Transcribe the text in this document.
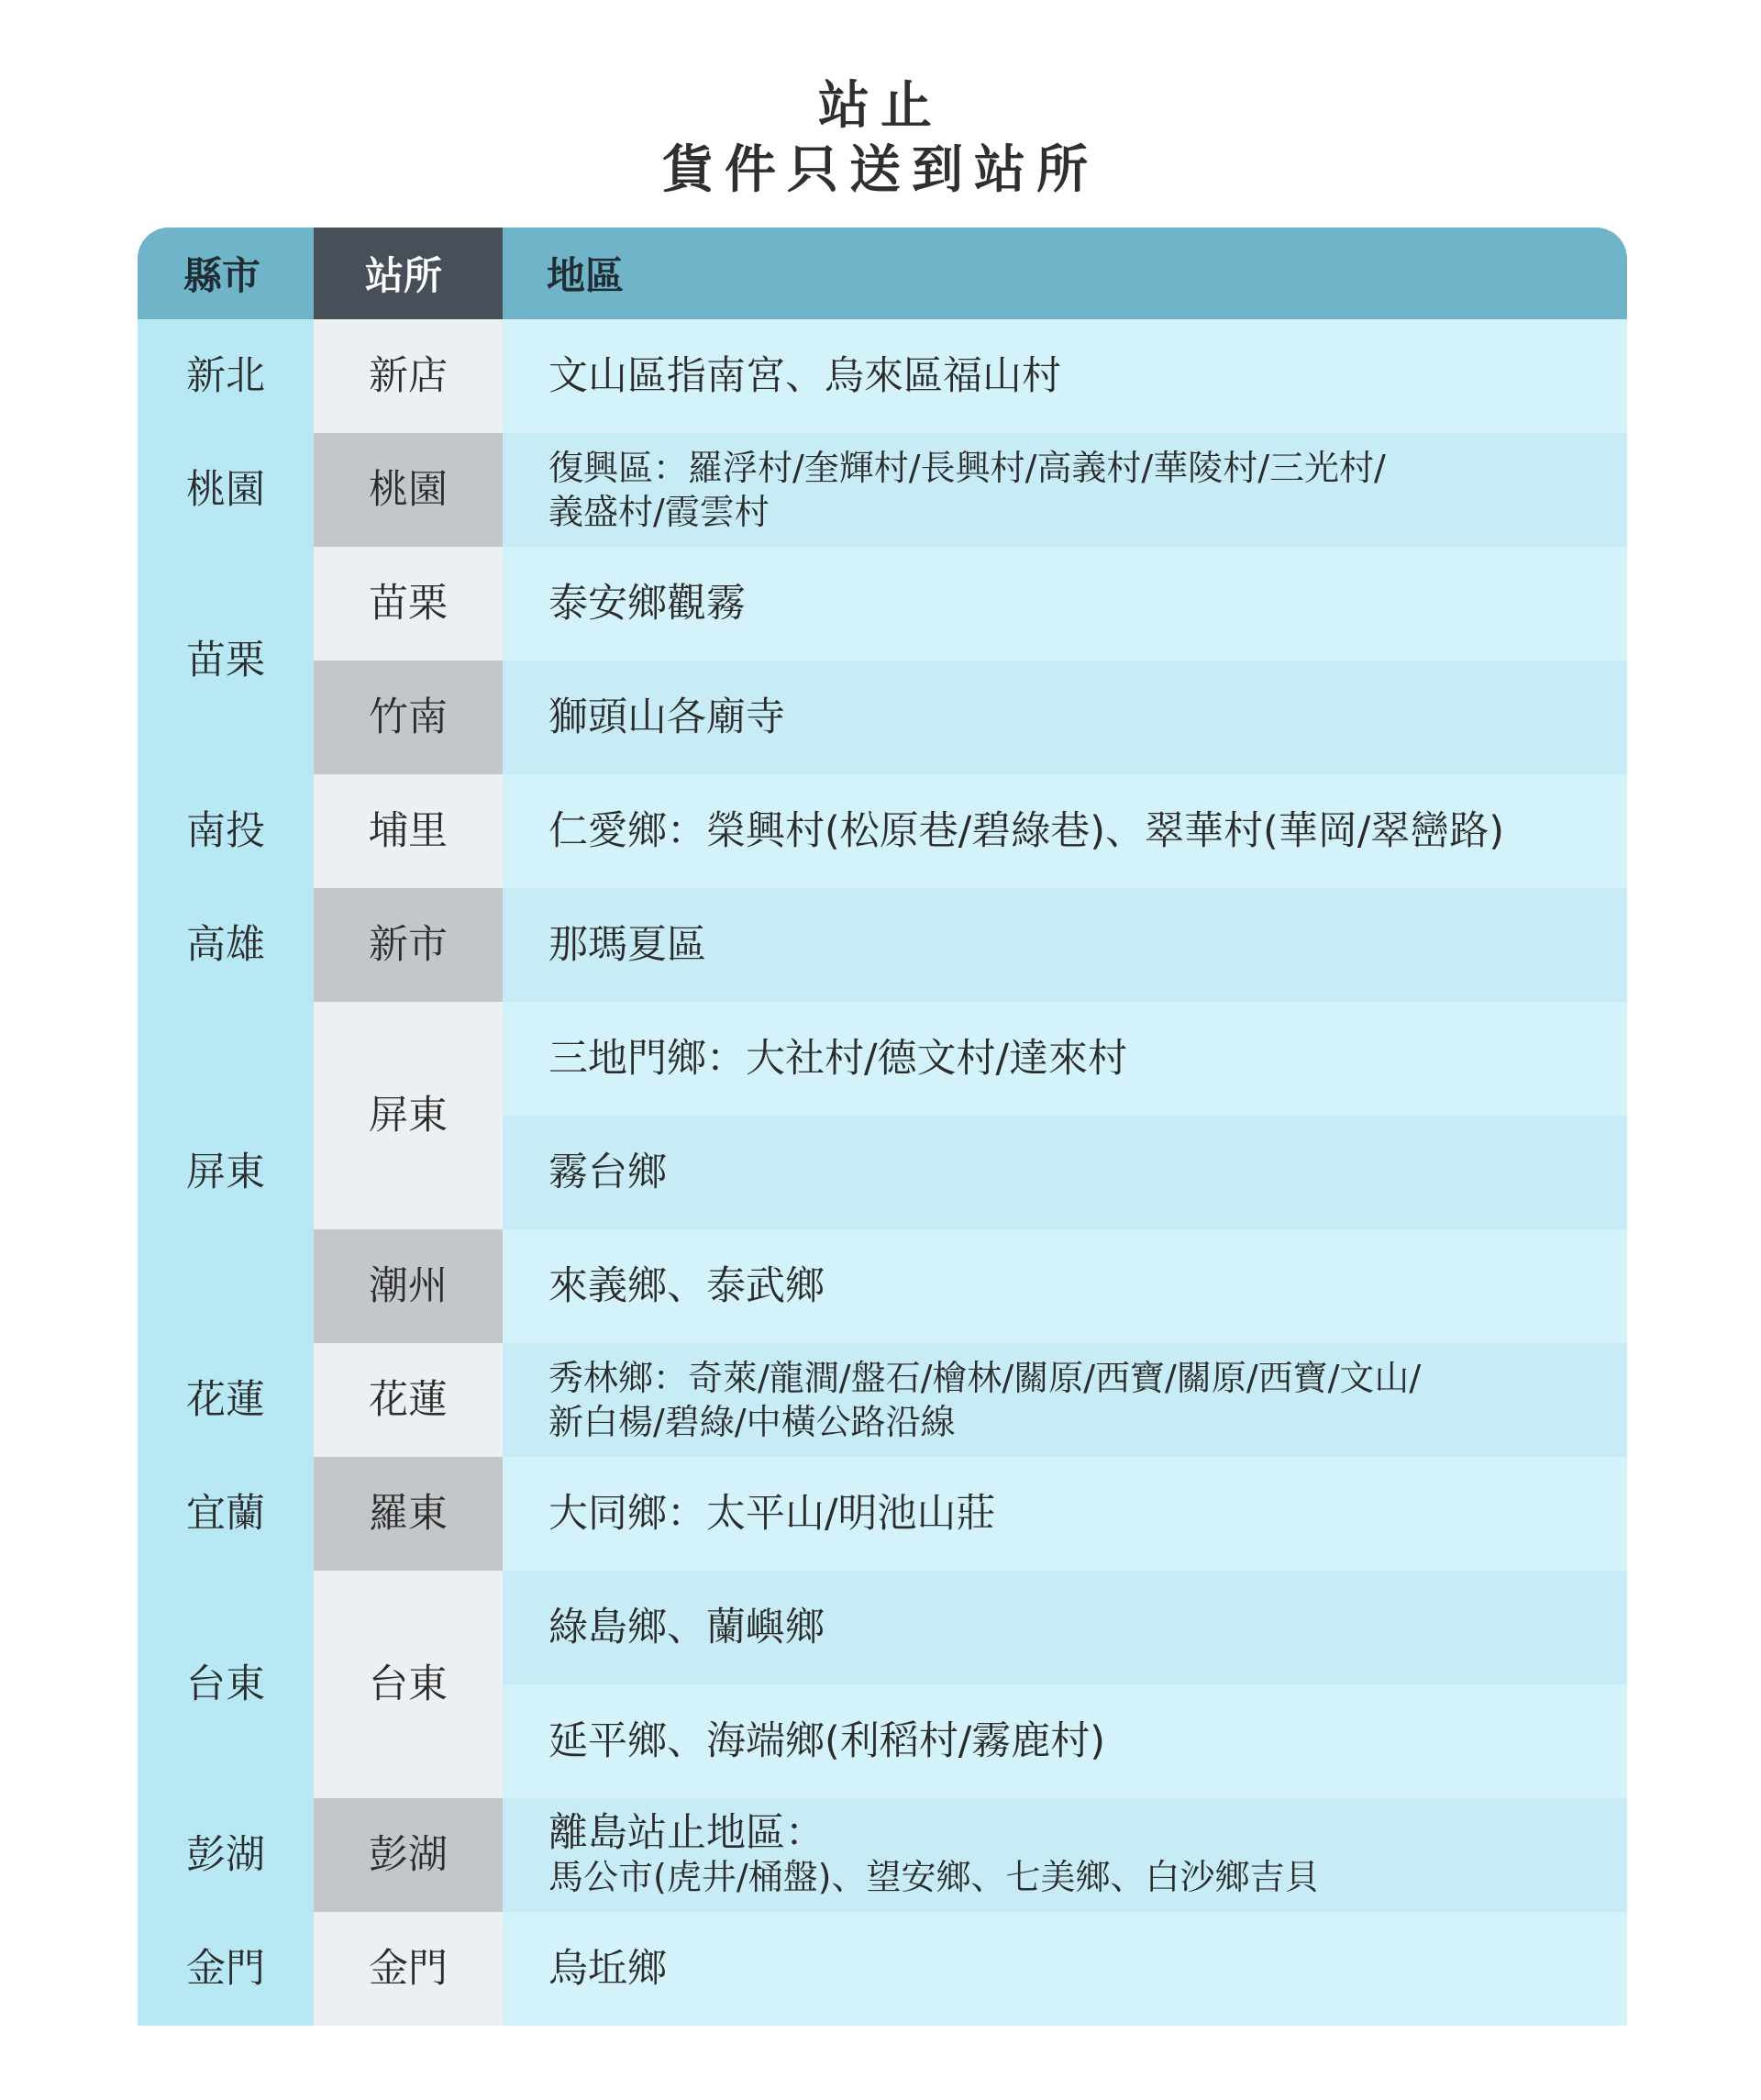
站止
貨件只送到站所
縣市	站所	地區
新北	新店	文山區指南宮、烏來區福山村
桃園	桃園	復興區：羅浮村/奎輝村/長興村/高義村/華陵村/三光村/
義盛村/霞雲村

苗栗	苗栗	泰安鄉觀霧
	竹南	獅頭山各廟寺
南投	埔里	仁愛鄉：榮興村(松原巷/碧綠巷)、翠華村(華岡/翠巒路)
高雄	新市	那瑪夏區
屏東	屏東	三地門鄉：大社村/德文村/達來村
		霧台鄉
	潮州	來義鄉、泰武鄉
花蓮	花蓮	秀林鄉：奇萊/龍澗/盤石/檜林/關原/西寶/關原/西寶/文山/
新白楊/碧綠/中橫公路沿線

宜蘭	羅東	大同鄉：太平山/明池山莊
台東	台東	綠島鄉、蘭嶼鄉
		延平鄉、海端鄉(利稻村/霧鹿村)
彭湖	彭湖	離島站止地區：
馬公市(虎井/桶盤)、望安鄉、七美鄉、白沙鄉吉貝

金門	金門	烏坵鄉
